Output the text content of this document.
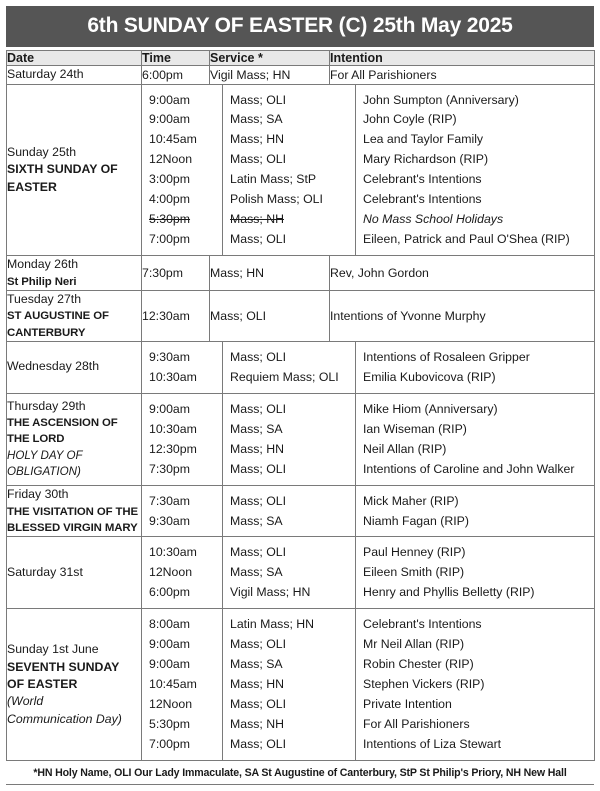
6th SUNDAY OF EASTER (C) 25th May 2025
Date	Time	Service *	Intention

Saturday 24th	6:00pm	Vigil Mass; HN	For All Parishioners

Sunday 25th
SIXTH SUNDAY OF
EASTER

9:00am	Mass; OLI	John Sumpton (Anniversary)
9:00am	Mass; SA	John Coyle (RIP)
10:45am	Mass; HN	Lea and Taylor Family
12Noon	Mass; OLI	Mary Richardson (RIP)
3:00pm	Latin Mass; StP	Celebrant's Intentions
4:00pm	Polish Mass; OLI	Celebrant's Intentions
5:30pm	Mass; NH	No Mass School Holidays
7:00pm	Mass; OLI	Eileen, Patrick and Paul O'Shea (RIP)

Monday 26th
St Philip Neri
	7:30pm	Mass; HN	Rev, John Gordon

Tuesday 27th
ST AUGUSTINE OF
CANTERBURY
	12:30am	Mass; OLI	Intentions of Yvonne Murphy

Wednesday 28th

9:30am	Mass; OLI	Intentions of Rosaleen Gripper
10:30am	Requiem Mass; OLI	Emilia Kubovicova (RIP)

Thursday 29th
THE ASCENSION OF
THE LORD
HOLY DAY OF
OBLIGATION)

9:00am	Mass; OLI	Mike Hiom (Anniversary)
10:30am	Mass; SA	Ian Wiseman (RIP)
12:30pm	Mass; HN	Neil Allan (RIP)
7:30pm	Mass; OLI	Intentions of Caroline and John Walker

Friday 30th
THE VISITATION OF THE
BLESSED VIRGIN MARY

7:30am	Mass; OLI	Mick Maher (RIP)
9:30am	Mass; SA	Niamh Fagan (RIP)

Saturday 31st

10:30am	Mass; OLI	Paul Henney (RIP)
12Noon	Mass; SA	Eileen Smith (RIP)
6:00pm	Vigil Mass; HN	Henry and Phyllis Belletty (RIP)

Sunday 1st June
SEVENTH SUNDAY
OF EASTER
(World
Communication Day)

8:00am	Latin Mass; HN	Celebrant's Intentions
9:00am	Mass; OLI	Mr Neil Allan (RIP)
9:00am	Mass; SA	Robin Chester (RIP)
10:45am	Mass; HN	Stephen Vickers (RIP)
12Noon	Mass; OLI	Private Intention
5:30pm	Mass; NH	For All Parishioners
7:00pm	Mass; OLI	Intentions of Liza Stewart
*HN Holy Name, OLI Our Lady Immaculate, SA St Augustine of Canterbury, StP St Philip's Priory, NH New Hall
